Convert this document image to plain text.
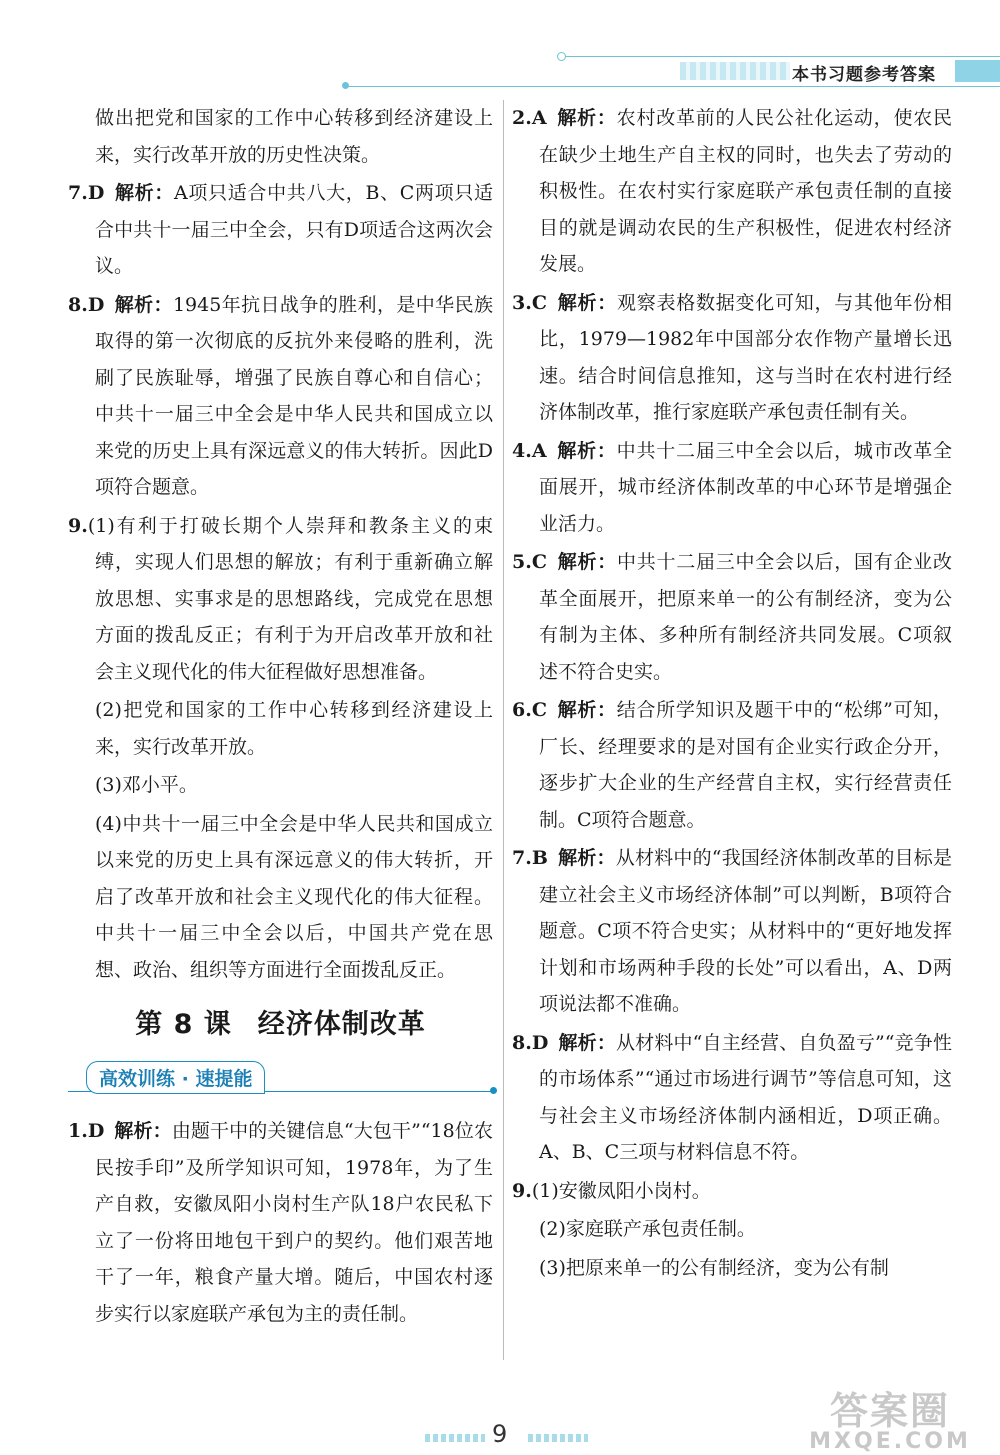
本书习题参考答案

做出把党和国家的工作中心转移到经济建设上来，实行改革开放的历史性决策。

7.D 解析：A项只适合中共八大，B、C两项只适合中共十一届三中全会，只有D项适合这两次会议。

8.D 解析：1945年抗日战争的胜利，是中华民族取得的第一次彻底的反抗外来侵略的胜利，洗刷了民族耻辱，增强了民族自尊心和自信心；中共十一届三中全会是中华人民共和国成立以来党的历史上具有深远意义的伟大转折。因此D项符合题意。

9.(1)有利于打破长期个人崇拜和教条主义的束缚，实现人们思想的解放；有利于重新确立解放思想、实事求是的思想路线，完成党在思想方面的拨乱反正；有利于为开启改革开放和社会主义现代化的伟大征程做好思想准备。

(2)把党和国家的工作中心转移到经济建设上来，实行改革开放。

(3)邓小平。

(4)中共十一届三中全会是中华人民共和国成立以来党的历史上具有深远意义的伟大转折，开启了改革开放和社会主义现代化的伟大征程。中共十一届三中全会以后，中国共产党在思想、政治、组织等方面进行全面拨乱反正。

第 8 课 经济体制改革
高效训练 · 速提能

1.D 解析：由题干中的关键信息“大包干”“18位农民按手印”及所学知识可知，1978年，为了生产自救，安徽凤阳小岗村生产队18户农民私下立了一份将田地包干到户的契约。他们艰苦地干了一年，粮食产量大增。随后，中国农村逐步实行以家庭联产承包为主的责任制。

2.A 解析：农村改革前的人民公社化运动，使农民在缺少土地生产自主权的同时，也失去了劳动的积极性。在农村实行家庭联产承包责任制的直接目的就是调动农民的生产积极性，促进农村经济发展。

3.C 解析：观察表格数据变化可知，与其他年份相比，1979—1982年中国部分农作物产量增长迅速。结合时间信息推知，这与当时在农村进行经济体制改革，推行家庭联产承包责任制有关。

4.A 解析：中共十二届三中全会以后，城市改革全面展开，城市经济体制改革的中心环节是增强企业活力。

5.C 解析：中共十二届三中全会以后，国有企业改革全面展开，把原来单一的公有制经济，变为公有制为主体、多种所有制经济共同发展。C项叙述不符合史实。

6.C 解析：结合所学知识及题干中的“松绑”可知，厂长、经理要求的是对国有企业实行政企分开，逐步扩大企业的生产经营自主权，实行经营责任制。C项符合题意。

7.B 解析：从材料中的“我国经济体制改革的目标是建立社会主义市场经济体制”可以判断，B项符合题意。C项不符合史实；从材料中的“更好地发挥计划和市场两种手段的长处”可以看出，A、D两项说法都不准确。

8.D 解析：从材料中“自主经营、自负盈亏”“竞争性的市场体系”“通过市场进行调节”等信息可知，这与社会主义市场经济体制内涵相近，D项正确。A、B、C三项与材料信息不符。

9.(1)安徽凤阳小岗村。

(2)家庭联产承包责任制。

(3)把原来单一的公有制经济，变为公有制

9
答案圈
MXQE.COM
